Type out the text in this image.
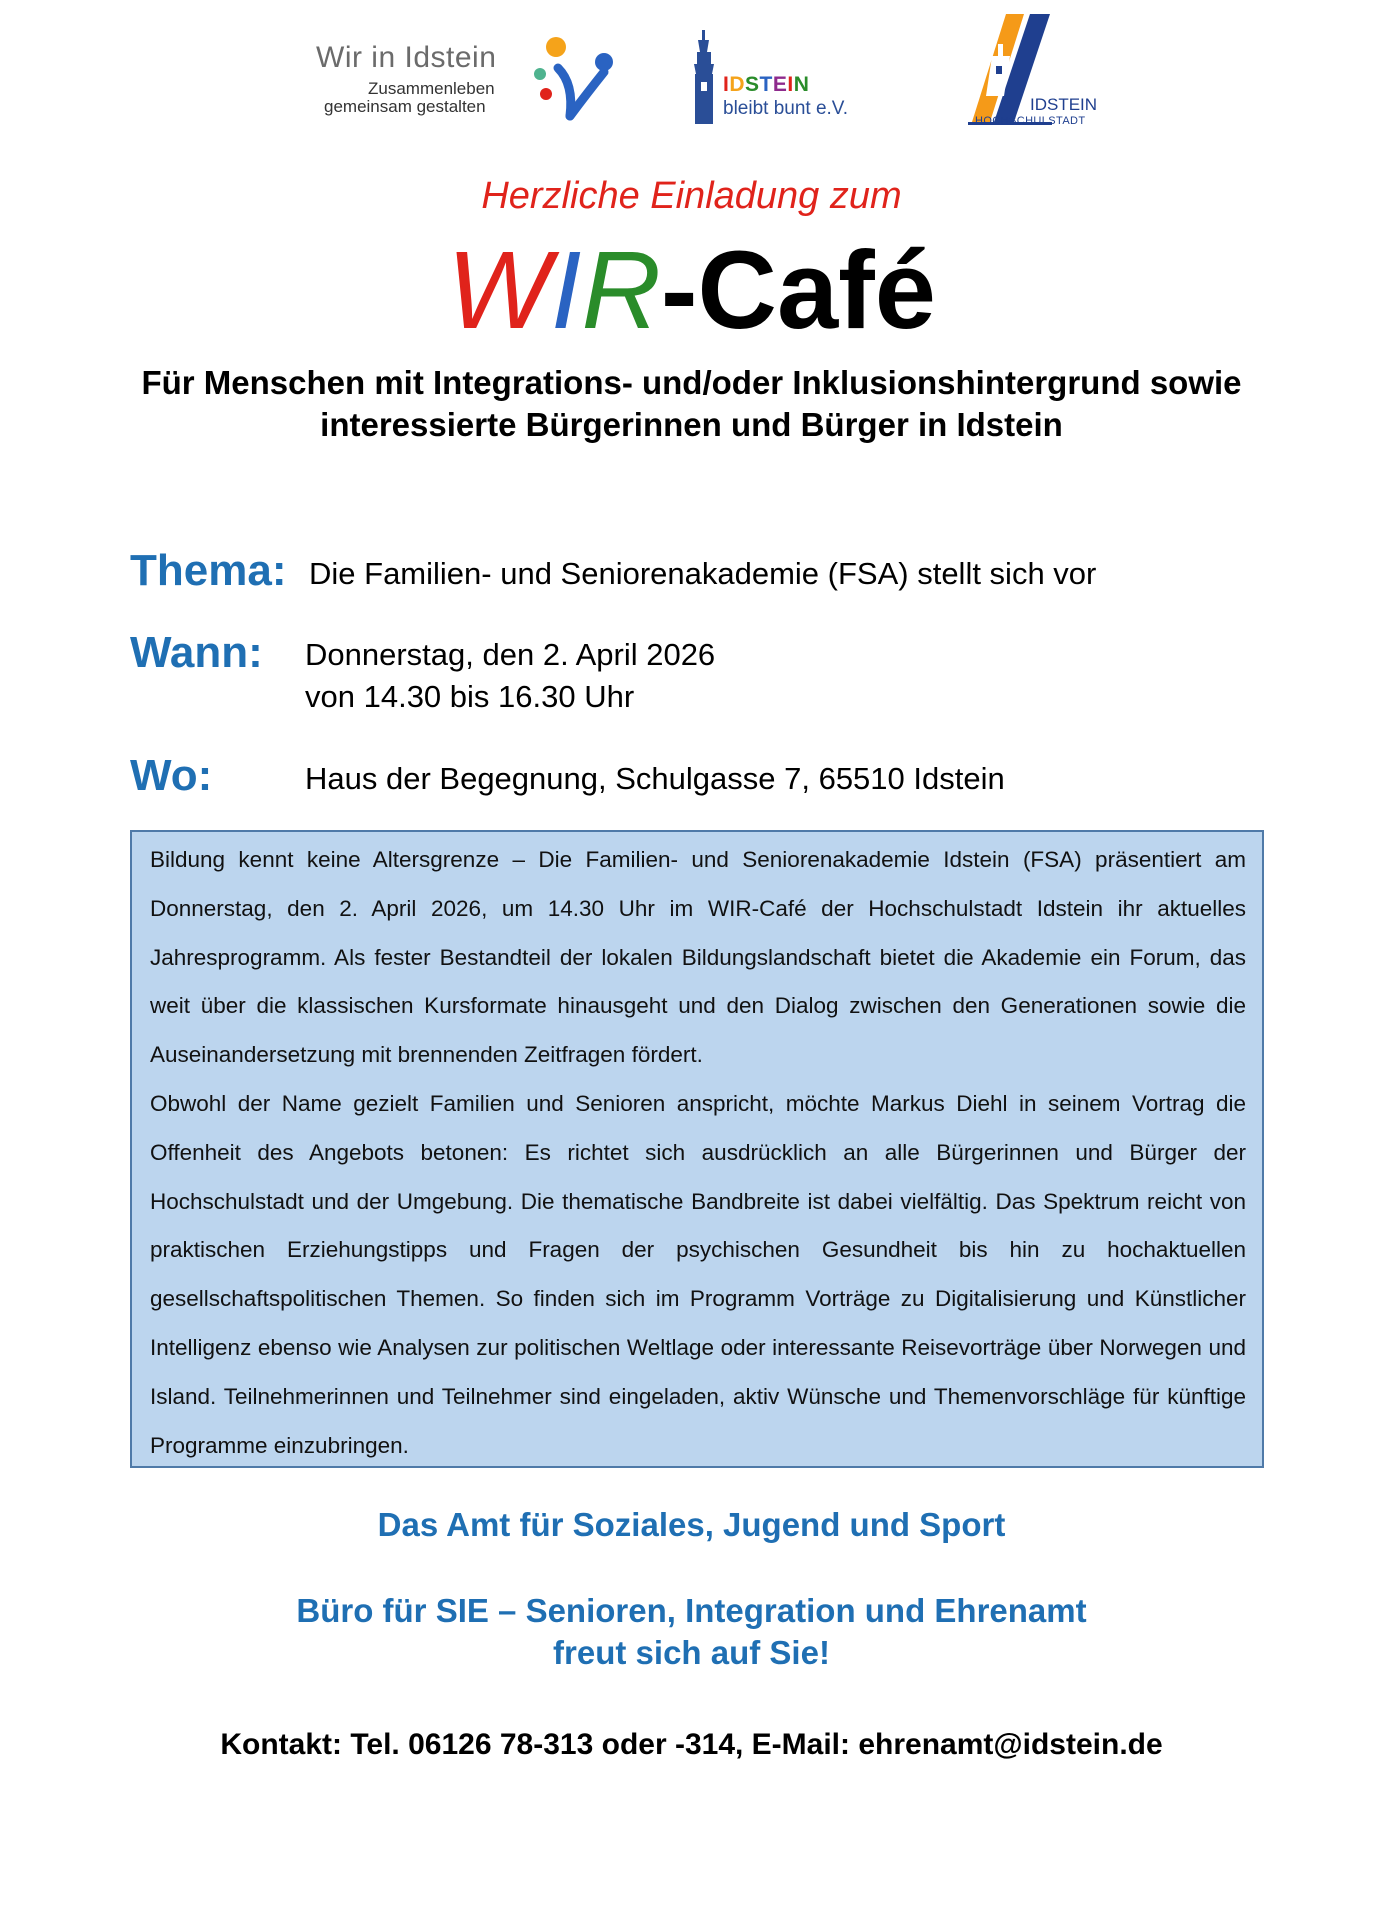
Wir in Idstein
Zusammenleben
gemeinsam gestalten
IDSTEIN
bleibt bunt e.V.	IDSTEIN
HOCHSCHULSTADT
Herzliche Einladung zum
WIR-Café
Für Menschen mit Integrations- und/oder Inklusionshintergrund sowie interessierte Bürgerinnen und Bürger in Idstein
Thema: Die Familien- und Seniorenakademie (FSA) stellt sich vor
Wann: Donnerstag, den 2. April 2026
von 14.30 bis 16.30 Uhr
Wo:	Haus der Begegnung, Schulgasse 7, 65510 Idstein

Bildung kennt keine Altersgrenze – Die Familien- und Seniorenakademie Idstein (FSA) präsentiert am Donnerstag, den 2. April 2026, um 14.30 Uhr im WIR-Café der Hochschulstadt Idstein ihr aktuelles Jahresprogramm. Als fester Bestandteil der lokalen Bildungslandschaft bietet die Akademie ein Forum, das weit über die klassischen Kursformate hinausgeht und den Dialog zwischen den Generationen sowie die Auseinandersetzung mit brennenden Zeitfragen fördert.

Obwohl der Name gezielt Familien und Senioren anspricht, möchte Markus Diehl in seinem Vortrag die Offenheit des Angebots betonen: Es richtet sich ausdrücklich an alle Bürgerinnen und Bürger der Hochschulstadt und der Umgebung. Die thematische Bandbreite ist dabei vielfältig. Das Spektrum reicht von praktischen Erziehungstipps und Fragen der psychischen Gesundheit bis hin zu hochaktuellen gesellschaftspolitischen Themen. So finden sich im Programm Vorträge zu Digitalisierung und Künstlicher Intelligenz ebenso wie Analysen zur politischen Weltlage oder interessante Reisevorträge über Norwegen und Island. Teilnehmerinnen und Teilnehmer sind eingeladen, aktiv Wünsche und Themenvorschläge für künftige Programme einzubringen.

Das Amt für Soziales, Jugend und Sport
Büro für SIE – Senioren, Integration und Ehrenamt
freut sich auf Sie!
Kontakt: Tel. 06126 78-313 oder -314, E-Mail: ehrenamt@idstein.de
